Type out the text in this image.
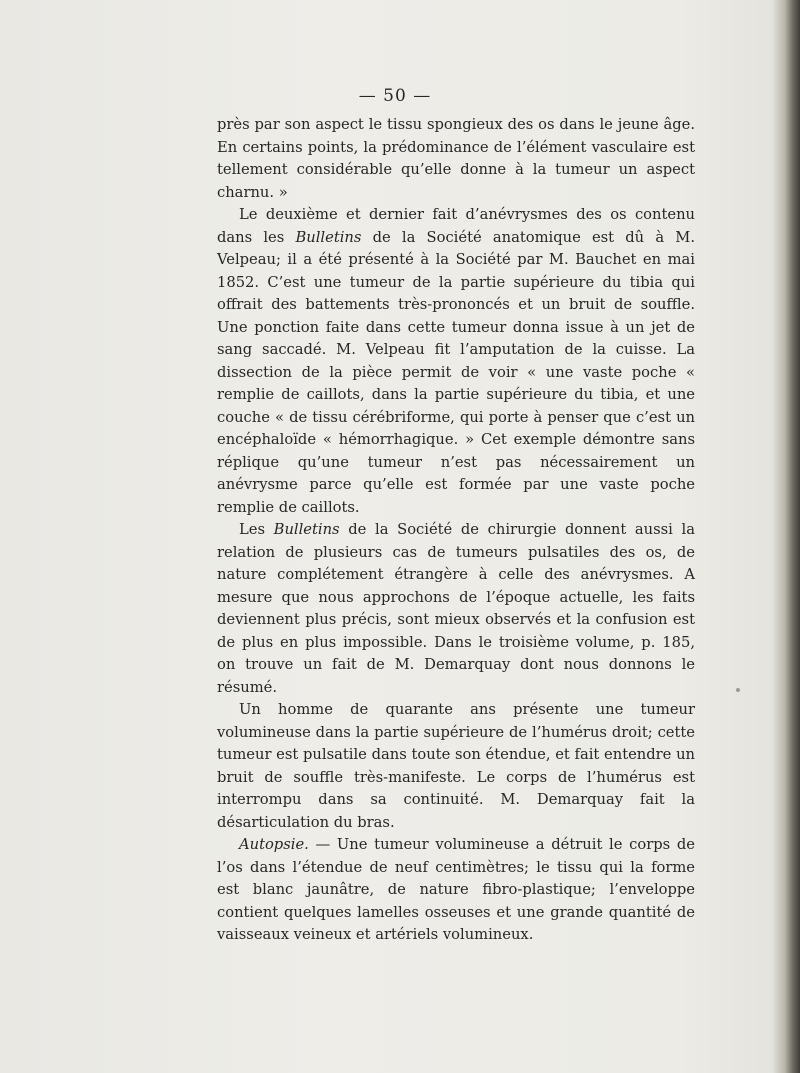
— 50 —

près par son aspect le tissu spongieux des os dans le jeune âge. En certains points, la prédominance de l’élément vasculaire est tellement considérable qu’elle donne à la tumeur un aspect charnu. »

Le deuxième et dernier fait d’anévrysmes des os contenu dans les Bulletins de la Société anatomique est dû à M. Velpeau; il a été présenté à la Société par M. Bauchet en mai 1852. C’est une tumeur de la partie supérieure du tibia qui offrait des battements très-prononcés et un bruit de souffle. Une ponction faite dans cette tumeur donna issue à un jet de sang saccadé. M. Velpeau fit l’amputation de la cuisse. La dissection de la pièce permit de voir « une vaste poche « remplie de caillots, dans la partie supérieure du tibia, et une couche « de tissu cérébriforme, qui porte à penser que c’est un encéphaloïde « hémorrhagique. » Cet exemple démontre sans réplique qu’une tumeur n’est pas nécessairement un anévrysme parce qu’elle est formée par une vaste poche remplie de caillots.

Les Bulletins de la Société de chirurgie donnent aussi la relation de plusieurs cas de tumeurs pulsatiles des os, de nature complétement étrangère à celle des anévrysmes. A mesure que nous approchons de l’époque actuelle, les faits deviennent plus précis, sont mieux observés et la confusion est de plus en plus impossible. Dans le troisième volume, p. 185, on trouve un fait de M. Demarquay dont nous donnons le résumé.

Un homme de quarante ans présente une tumeur volumineuse dans la partie supérieure de l’humérus droit; cette tumeur est pulsatile dans toute son étendue, et fait entendre un bruit de souffle très-manifeste. Le corps de l’humérus est interrompu dans sa continuité. M. Demarquay fait la désarticulation du bras.

Autopsie. — Une tumeur volumineuse a détruit le corps de l’os dans l’étendue de neuf centimètres; le tissu qui la forme est blanc jaunâtre, de nature fibro-plastique; l’enveloppe contient quelques lamelles osseuses et une grande quantité de vaisseaux veineux et artériels volumineux.
